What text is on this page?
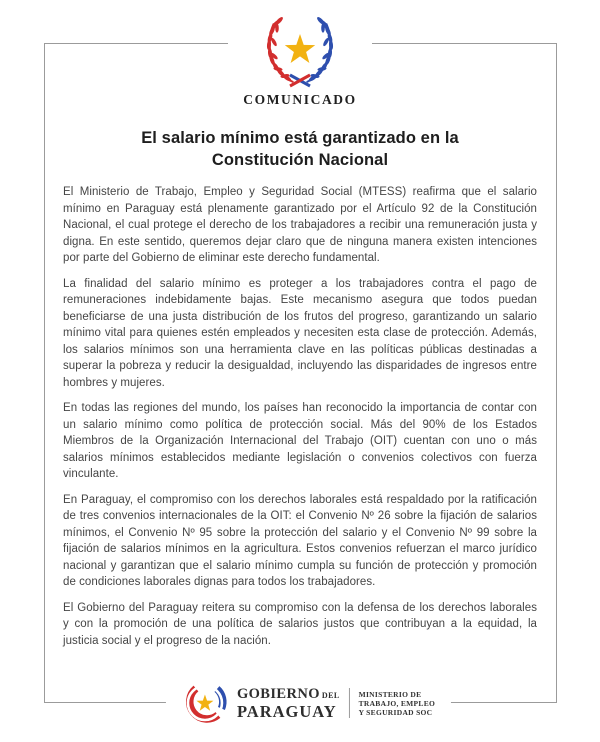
COMUNICADO
El salario mínimo está garantizado en la Constitución Nacional

El Ministerio de Trabajo, Empleo y Seguridad Social (MTESS) reafirma que el salario mínimo en Paraguay está plenamente garantizado por el Artículo 92 de la Constitución Nacional, el cual protege el derecho de los trabajadores a recibir una remuneración justa y digna. En este sentido, queremos dejar claro que de ninguna manera existen intenciones por parte del Gobierno de eliminar este derecho fundamental.

La finalidad del salario mínimo es proteger a los trabajadores contra el pago de remuneraciones indebidamente bajas. Este mecanismo asegura que todos puedan beneficiarse de una justa distribución de los frutos del progreso, garantizando un salario mínimo vital para quienes estén empleados y necesiten esta clase de protección. Además, los salarios mínimos son una herramienta clave en las políticas públicas destinadas a superar la pobreza y reducir la desigualdad, incluyendo las disparidades de ingresos entre hombres y mujeres.

En todas las regiones del mundo, los países han reconocido la importancia de contar con un salario mínimo como política de protección social. Más del 90% de los Estados Miembros de la Organización Internacional del Trabajo (OIT) cuentan con uno o más salarios mínimos establecidos mediante legislación o convenios colectivos con fuerza vinculante.

En Paraguay, el compromiso con los derechos laborales está respaldado por la ratificación de tres convenios internacionales de la OIT: el Convenio Nº 26 sobre la fijación de salarios mínimos, el Convenio Nº 95 sobre la protección del salario y el Convenio Nº 99 sobre la fijación de salarios mínimos en la agricultura. Estos convenios refuerzan el marco jurídico nacional y garantizan que el salario mínimo cumpla su función de protección y promoción de condiciones laborales dignas para todos los trabajadores.

El Gobierno del Paraguay reitera su compromiso con la defensa de los derechos laborales y con la promoción de una política de salarios justos que contribuyan a la equidad, la justicia social y el progreso de la nación.

GOBIERNO DEL
PARAGUAY
MINISTERIO DE
TRABAJO, EMPLEO
Y SEGURIDAD SOC
